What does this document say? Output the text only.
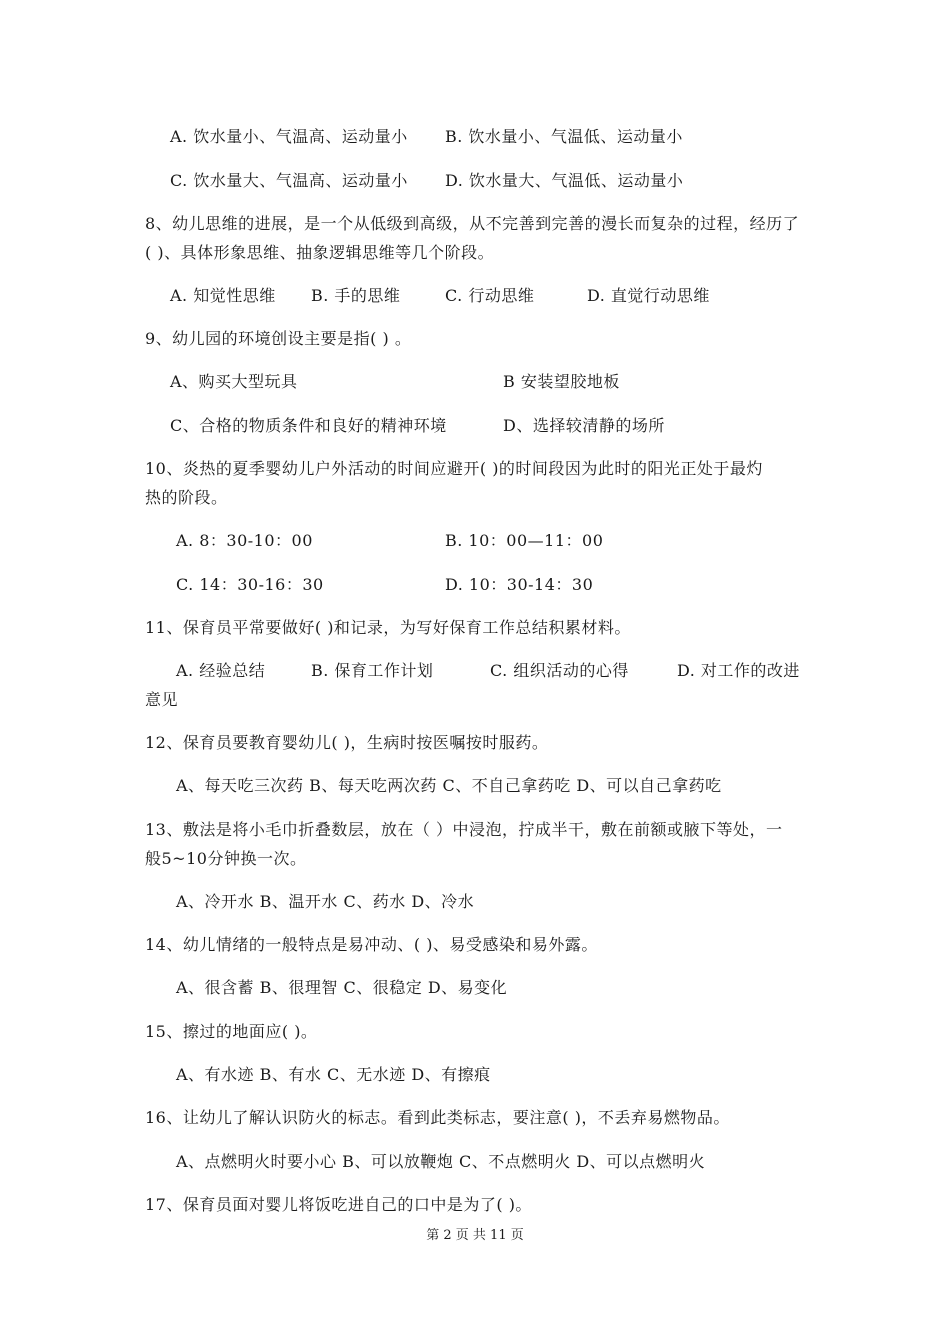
A. 饮水量小、气温高、运动量小 B. 饮水量小、气温低、运动量小
C. 饮水量大、气温高、运动量小 D. 饮水量大、气温低、运动量小
8、幼儿思维的进展，是一个从低级到高级，从不完善到完善的漫长而复杂的过程，经历了
( )、具体形象思维、抽象逻辑思维等几个阶段。
A. 知觉性思维 B. 手的思维	C. 行动思维	D. 直觉行动思维
9、幼儿园的环境创设主要是指( ) 。
A、购买大型玩具	B 安装望胶地板
C、合格的物质条件和良好的精神环境	D、选择较清静的场所
10、炎热的夏季婴幼儿户外活动的时间应避开( )的时间段因为此时的阳光正处于最灼
热的阶段。
A. 8：30-10：00	B. 10：00—11：00
C. 14：30-16：30	D. 10：30-14：30
11、保育员平常要做好( )和记录，为写好保育工作总结积累材料。
A. 经验总结	B. 保育工作计划	C. 组织活动的心得	D. 对工作的改进
意见
12、保育员要教育婴幼儿( )，生病时按医嘱按时服药。
A、每天吃三次药 B、每天吃两次药 C、不自己拿药吃 D、可以自己拿药吃
13、敷法是将小毛巾折叠数层，放在（ ）中浸泡，拧成半干，敷在前额或腋下等处，一
般5~10分钟换一次。
A、冷开水 B、温开水 C、药水 D、冷水
14、幼儿情绪的一般特点是易冲动、( )、易受感染和易外露。
A、很含蓄 B、很理智 C、很稳定 D、易变化
15、擦过的地面应( )。
A、有水迹 B、有水 C、无水迹 D、有擦痕
16、让幼儿了解认识防火的标志。看到此类标志，要注意( )，不丢弃易燃物品。
A、点燃明火时要小心 B、可以放鞭炮 C、不点燃明火 D、可以点燃明火
17、保育员面对婴儿将饭吃进自己的口中是为了( )。
第 2 页 共 11 页
